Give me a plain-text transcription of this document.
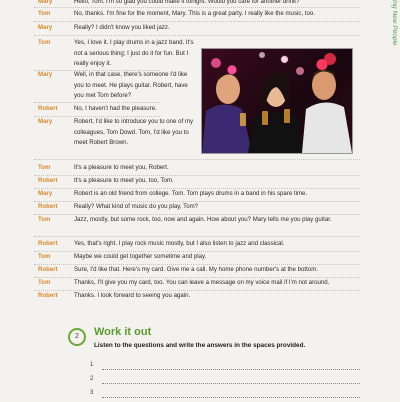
ing New People
Mary	Hello, Tom. I'm so glad you could make it tonight. Would you care for another drink?
Tom	No, thanks. I'm fine for the moment, Mary. This is a great party. I really like the music, too.
Mary	Really? I didn't know you liked jazz.
Tom	Yes, I love it. I play drums in a jazz band. It's not a serious thing; I just do it for fun. But I really enjoy it.
Mary	Well, in that case, there's someone I'd like you to meet. He plays guitar. Robert, have you met Tom before?
Robert	No, I haven't had the pleasure.
Mary	Robert, I'd like to introduce you to one of my colleagues, Tom Dowd. Tom, I'd like you to meet Robert Brown.
Tom	It's a pleasure to meet you, Robert.
Robert	It's a pleasure to meet you, too, Tom.
Mary	Robert is an old friend from college. Tom. Tom plays drums in a band in his spare time.
Robert	Really? What kind of music do you play, Tom?
Tom	Jazz, mostly, but some rock, too, now and again. How about you? Mary tells me you play guitar.
Robert	Yes, that's right. I play rock music mostly, but I also listen to jazz and classical.
Tom	Maybe we could get together sometime and play.
Robert	Sure, I'd like that. Here's my card. Give me a call. My home phone number's at the bottom.
Tom	Thanks, I'll give you my card, too. You can leave a message on my voice mail if I'm not around.
Robert	Thanks. I look forward to seeing you again.
2	Work it out
Listen to the questions and write the answers in the spaces provided.
1
2
3
